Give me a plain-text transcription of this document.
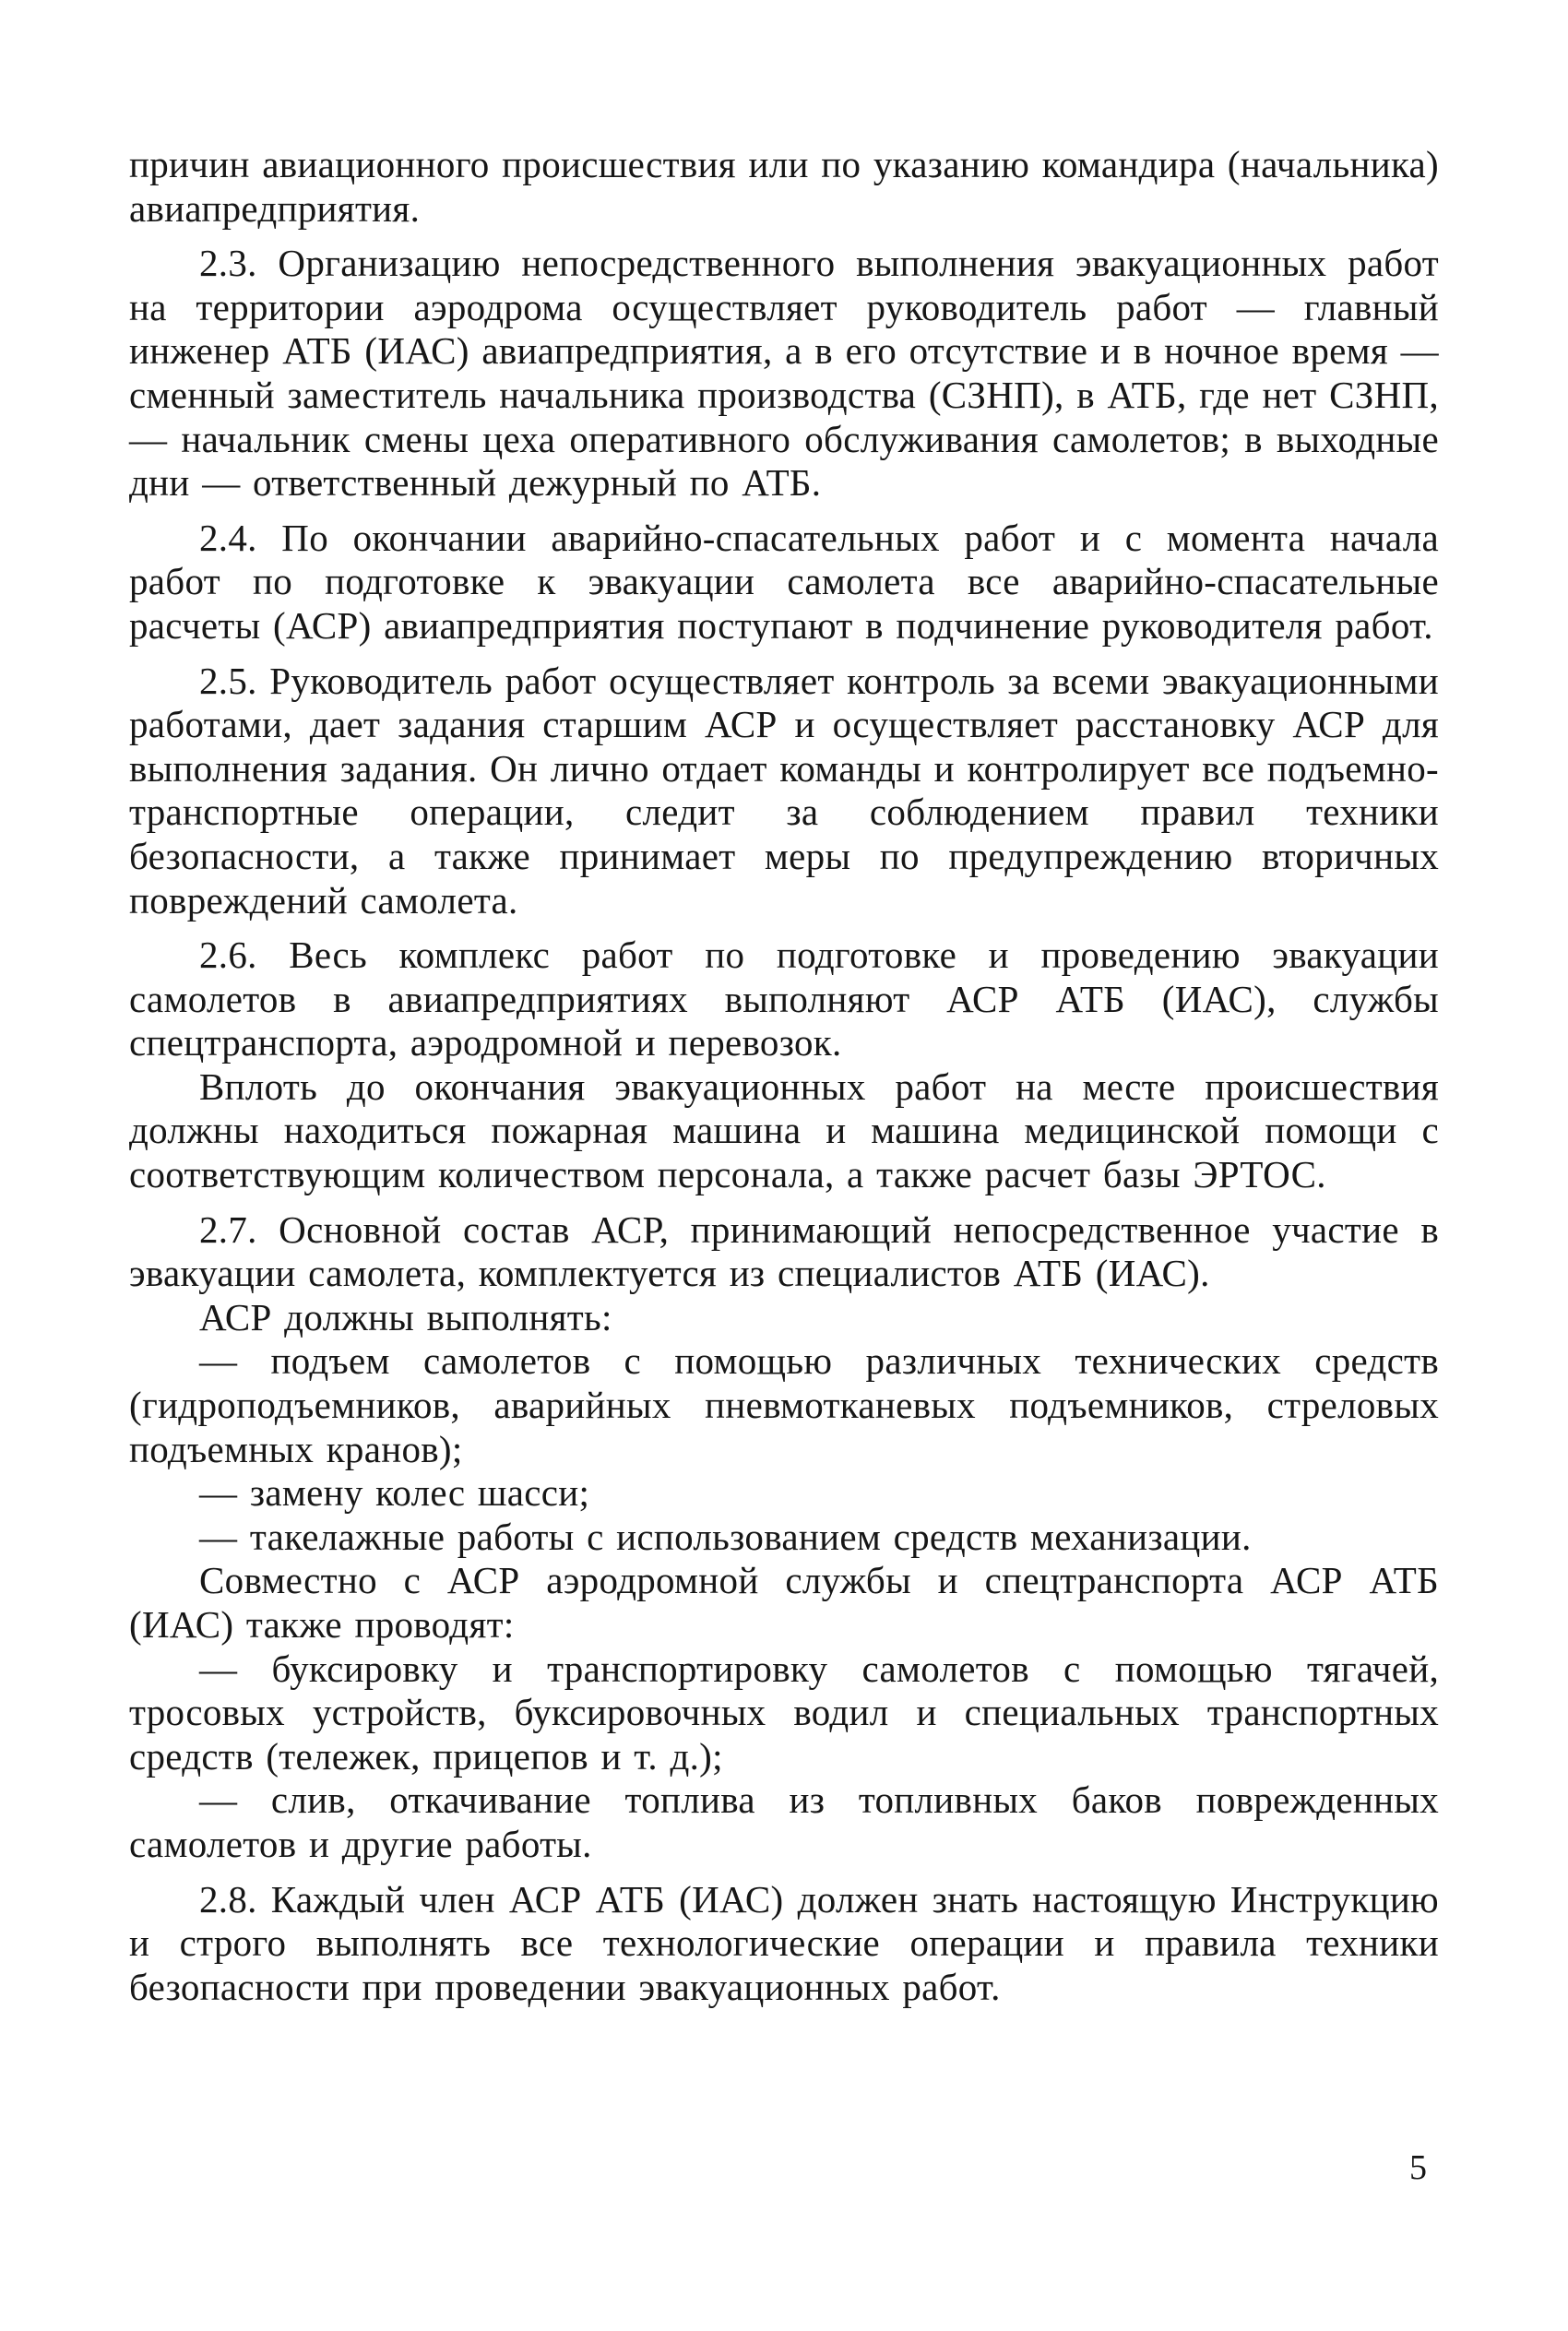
причин авиационного происшествия или по указанию командира (начальника) авиапредприятия.

2.3. Организацию непосредственного выполнения эвакуационных работ на территории аэродрома осуществляет руководитель работ — главный инженер АТБ (ИАС) авиапредприятия, а в его отсутствие и в ночное время — сменный заместитель начальника производства (СЗНП), в АТБ, где нет СЗНП, — начальник смены цеха оперативного обслуживания самолетов; в выходные дни — ответственный дежурный по АТБ.

2.4. По окончании аварийно-спасательных работ и с момента начала работ по подготовке к эвакуации самолета все аварийно-спасательные расчеты (АСР) авиапредприятия поступают в подчинение руководителя работ.

2.5. Руководитель работ осуществляет контроль за всеми эвакуационными работами, дает задания старшим АСР и осуществляет расстановку АСР для выполнения задания. Он лично отдает команды и контролирует все подъемно-транспортные операции, следит за соблюдением правил техники безопасности, а также принимает меры по предупреждению вторичных повреждений самолета.

2.6. Весь комплекс работ по подготовке и проведению эвакуации самолетов в авиапредприятиях выполняют АСР АТБ (ИАС), службы спецтранспорта, аэродромной и перевозок.

Вплоть до окончания эвакуационных работ на месте происшествия должны находиться пожарная машина и машина медицинской помощи с соответствующим количеством персонала, а также расчет базы ЭРТОС.

2.7. Основной состав АСР, принимающий непосредственное участие в эвакуации самолета, комплектуется из специалистов АТБ (ИАС).

АСР должны выполнять:

— подъем самолетов с помощью различных технических средств (гидроподъемников, аварийных пневмотканевых подъемников, стреловых подъемных кранов);

— замену колес шасси;

— такелажные работы с использованием средств механизации.

Совместно с АСР аэродромной службы и спецтранспорта АСР АТБ (ИАС) также проводят:

— буксировку и транспортировку самолетов с помощью тягачей, тросовых устройств, буксировочных водил и специальных транспортных средств (тележек, прицепов и т. д.);

— слив, откачивание топлива из топливных баков поврежденных самолетов и другие работы.

2.8. Каждый член АСР АТБ (ИАС) должен знать настоящую Инструкцию и строго выполнять все технологические операции и правила техники безопасности при проведении эвакуационных работ.

5
